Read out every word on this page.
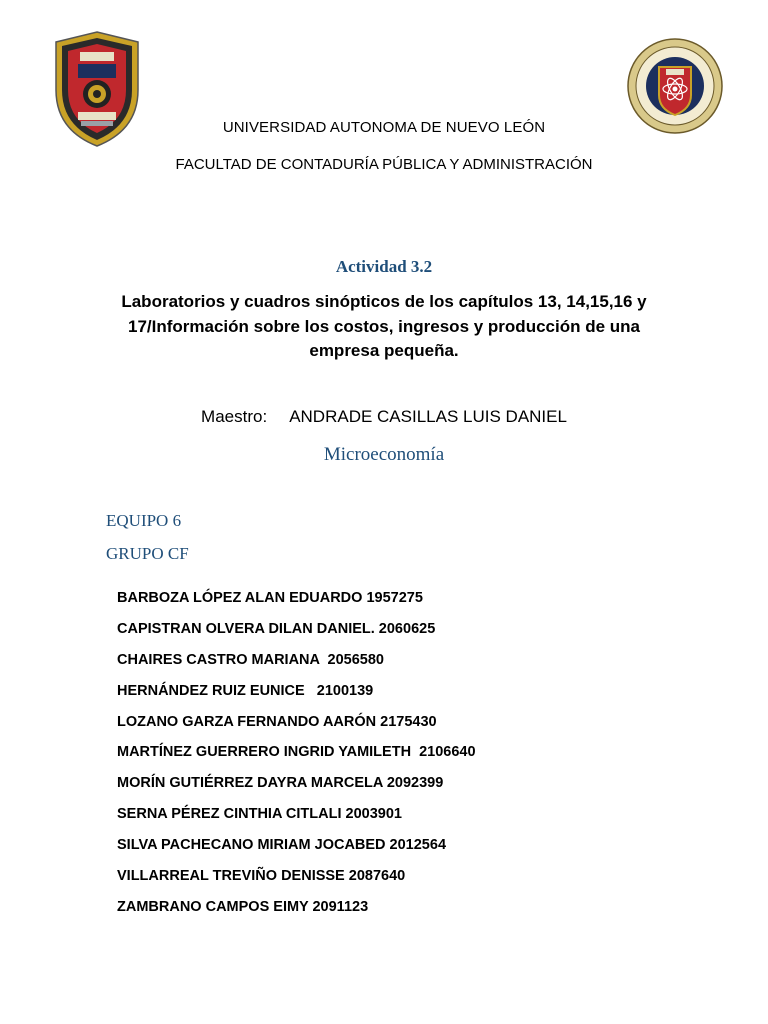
UNIVERSIDAD AUTONOMA DE NUEVO LEÓN
FACULTAD DE CONTADURÍA PÚBLICA Y ADMINISTRACIÓN
Actividad 3.2
Laboratorios y cuadros sinópticos de los capítulos 13, 14,15,16 y
17/Información sobre los costos, ingresos y producción de una
empresa pequeña.
Maestro: ANDRADE CASILLAS LUIS DANIEL
Microeconomía
EQUIPO 6
GRUPO CF
BARBOZA LÓPEZ ALAN EDUARDO 1957275
CAPISTRAN OLVERA DILAN DANIEL. 2060625
CHAIRES CASTRO MARIANA  2056580
HERNÁNDEZ RUIZ EUNICE   2100139
LOZANO GARZA FERNANDO AARÓN 2175430
MARTÍNEZ GUERRERO INGRID YAMILETH  2106640
MORÍN GUTIÉRREZ DAYRA MARCELA 2092399
SERNA PÉREZ CINTHIA CITLALI 2003901
SILVA PACHECANO MIRIAM JOCABED 2012564
VILLARREAL TREVIÑO DENISSE 2087640
ZAMBRANO CAMPOS EIMY 2091123
